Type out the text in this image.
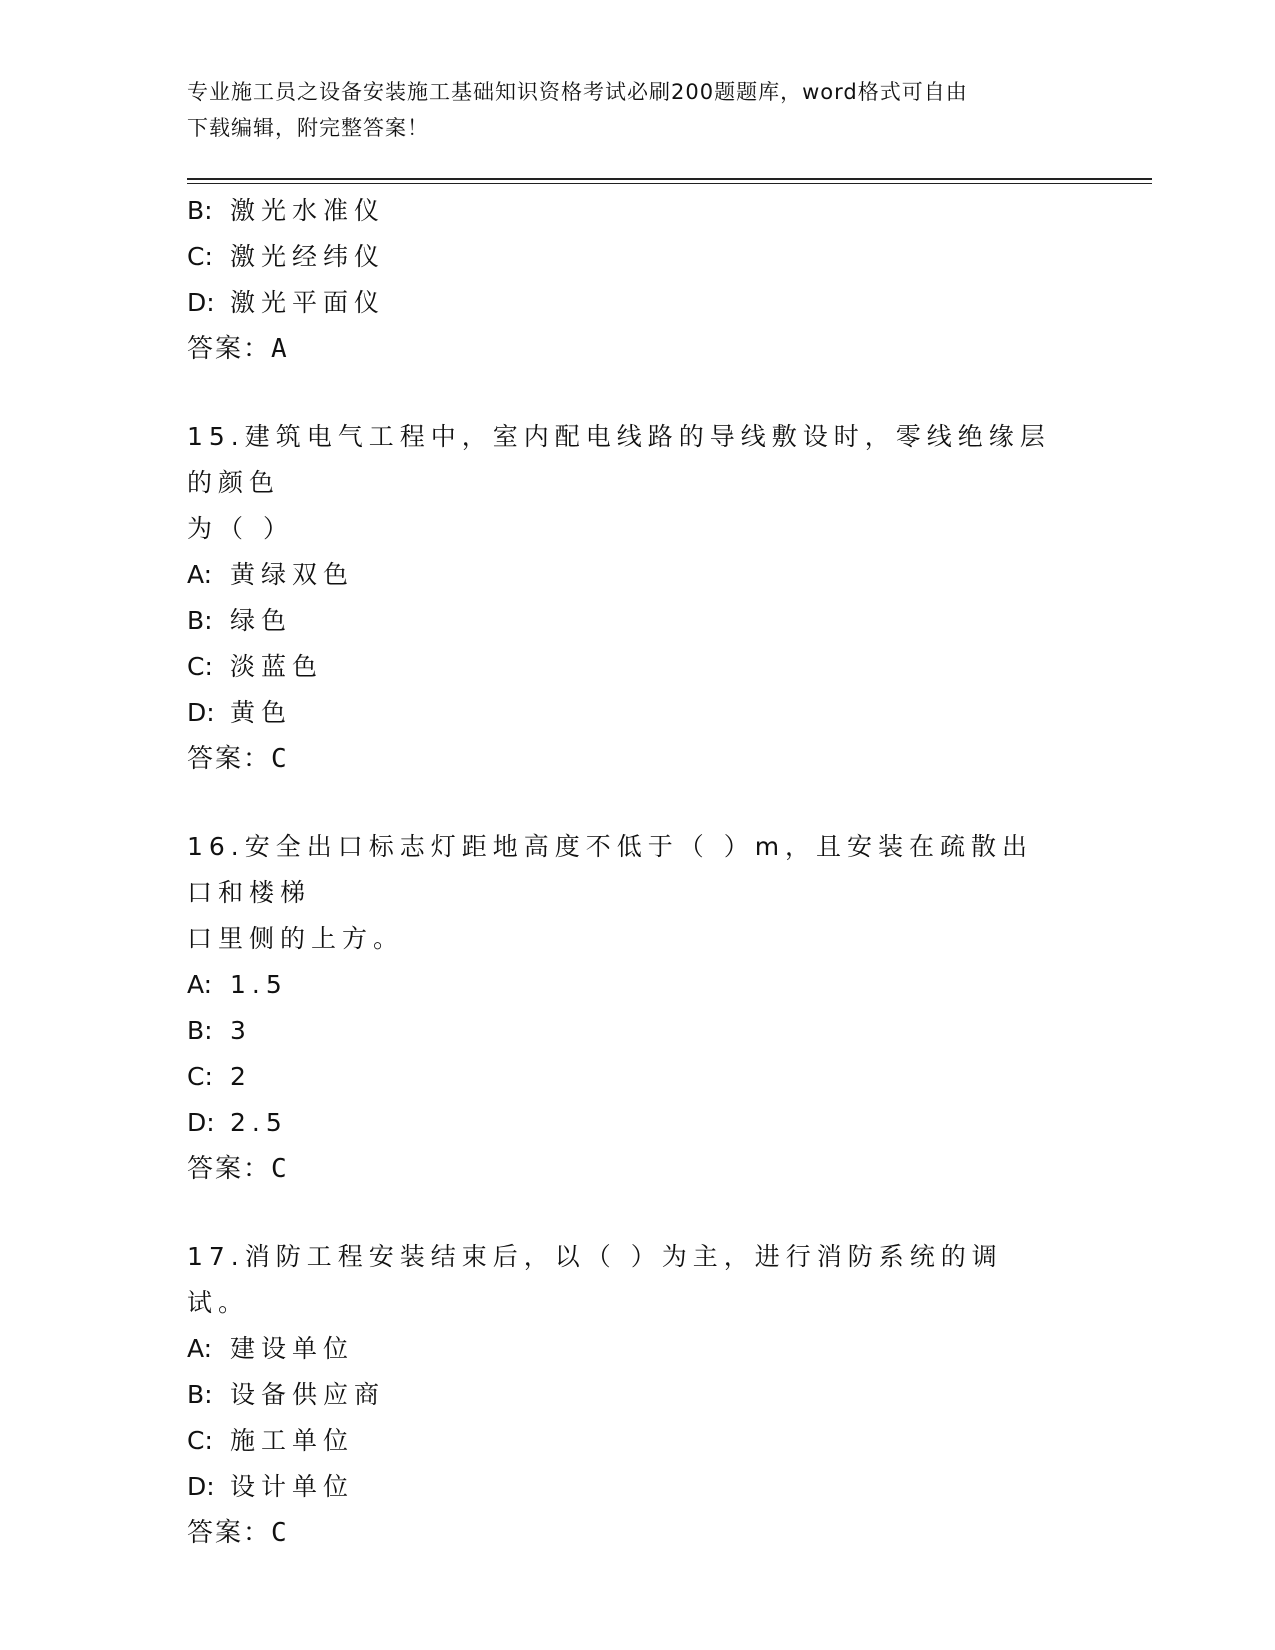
专业施工员之设备安装施工基础知识资格考试必刷200题题库，word格式可自由
下载编辑，附完整答案！
B: 激光水准仪
C: 激光经纬仪
D: 激光平面仪
答案：A
15.建筑电气工程中，室内配电线路的导线敷设时，零线绝缘层的颜色
为（ ）
A: 黄绿双色
B: 绿色
C: 淡蓝色
D: 黄色
答案：C
16.安全出口标志灯距地高度不低于（ ）m，且安装在疏散出口和楼梯
口里侧的上方。
A: 1.5
B: 3
C: 2
D: 2.5
答案：C
17.消防工程安装结束后，以（ ）为主，进行消防系统的调试。
A: 建设单位
B: 设备供应商
C: 施工单位
D: 设计单位
答案：C
